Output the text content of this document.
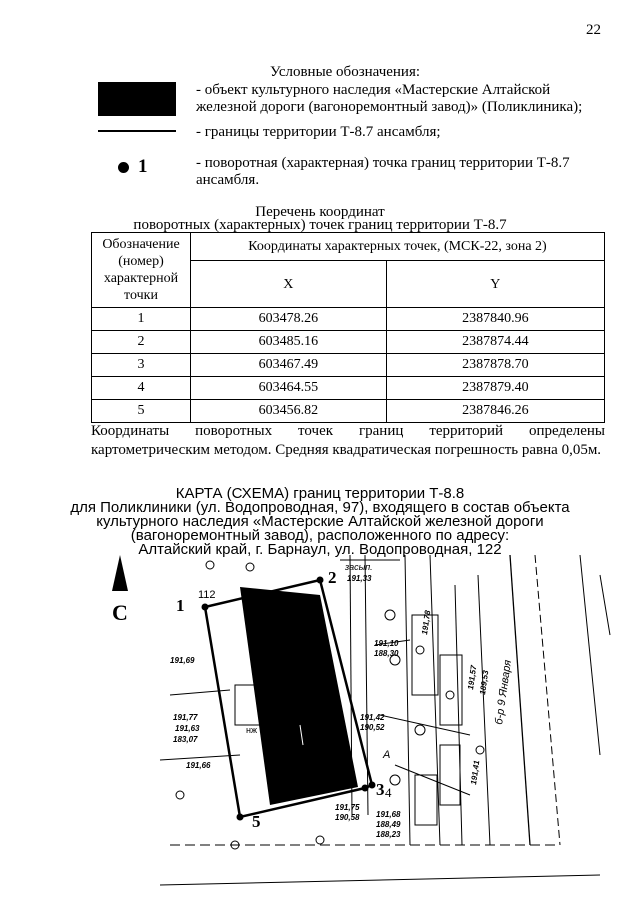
22
Условные обозначения:
- объект культурного наследия «Мастерские Алтайской
железной дороги (вагоноремонтный завод)» (Поликлиника);
- границы территории Т-8.7 ансамбля;
1	- поворотная (характерная) точка границ территории Т-8.7
ансамбля.
Перечень координат
поворотных (характерных) точек границ территории Т-8.7
Обозначение
(номер)
характерной
точки	Координаты характерных точек, (МСК-22, зона 2)	
	X	Y
1	603478.26	2387840.96
2	603485.16	2387874.44
3	603467.49	2387878.70
4	603464.55	2387879.40
5	603456.82	2387846.26
Координаты поворотных точек границ территорий определены картометрическим методом. Средняя квадратическая погрешность равна 0,05м.
КАРТА (СХЕМА) границ территории Т-8.8
для Поликлиники (ул. Водопроводная, 97), входящего в состав объекта
культурного наследия «Мастерские Алтайской железной дороги
(вагоноремонтный завод), расположенного по адресу:
Алтайский край, г. Барнаул, ул. Водопроводная, 122
С	1
2
3 4
5
112
засып.
A
нж
б-р 9 Января
191,33
191,69
191,77
191,63
191,66
191,42
190,52
191,75
190,58 191,68
188,49
188,23
191,10
188,30
191,78
191,57 189,53
191,41
183,07
